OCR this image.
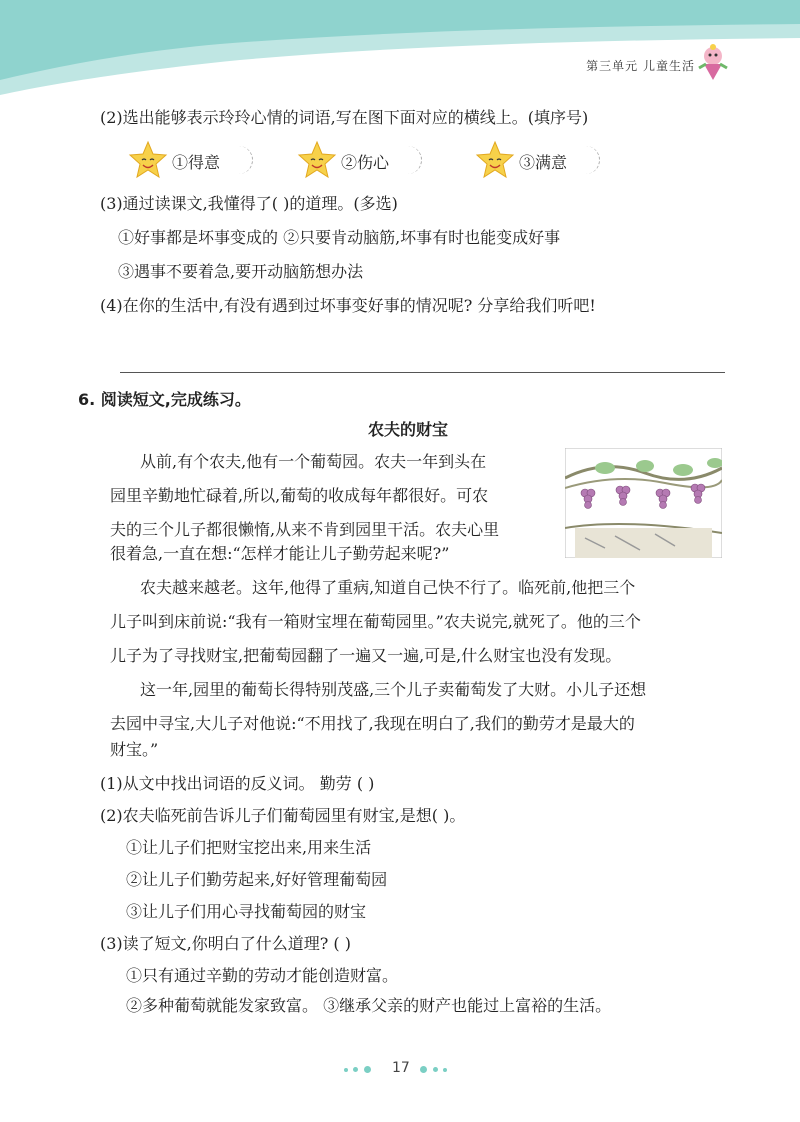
第三单元 儿童生活
(2)选出能够表示玲玲心情的词语,写在图下面对应的横线上。(填序号)
①得意	②伤心	③满意
(3)通过读课文,我懂得了( )的道理。(多选)
①好事都是坏事变成的 ②只要肯动脑筋,坏事有时也能变成好事
③遇事不要着急,要开动脑筋想办法
(4)在你的生活中,有没有遇到过坏事变好事的情况呢? 分享给我们听吧!
6. 阅读短文,完成练习。
农夫的财宝
从前,有个农夫,他有一个葡萄园。农夫一年到头在
园里辛勤地忙碌着,所以,葡萄的收成每年都很好。可农
夫的三个儿子都很懒惰,从来不肯到园里干活。农夫心里
很着急,一直在想:“怎样才能让儿子勤劳起来呢?”
农夫越来越老。这年,他得了重病,知道自己快不行了。临死前,他把三个
儿子叫到床前说:“我有一箱财宝埋在葡萄园里。”农夫说完,就死了。他的三个
儿子为了寻找财宝,把葡萄园翻了一遍又一遍,可是,什么财宝也没有发现。
这一年,园里的葡萄长得特别茂盛,三个儿子卖葡萄发了大财。小儿子还想
去园中寻宝,大儿子对他说:“不用找了,我现在明白了,我们的勤劳才是最大的
财宝。”
(1)从文中找出词语的反义词。 勤劳 ( )
(2)农夫临死前告诉儿子们葡萄园里有财宝,是想( )。
①让儿子们把财宝挖出来,用来生活
②让儿子们勤劳起来,好好管理葡萄园
③让儿子们用心寻找葡萄园的财宝
(3)读了短文,你明白了什么道理? ( )
①只有通过辛勤的劳动才能创造财富。
②多种葡萄就能发家致富。 ③继承父亲的财产也能过上富裕的生活。
17
